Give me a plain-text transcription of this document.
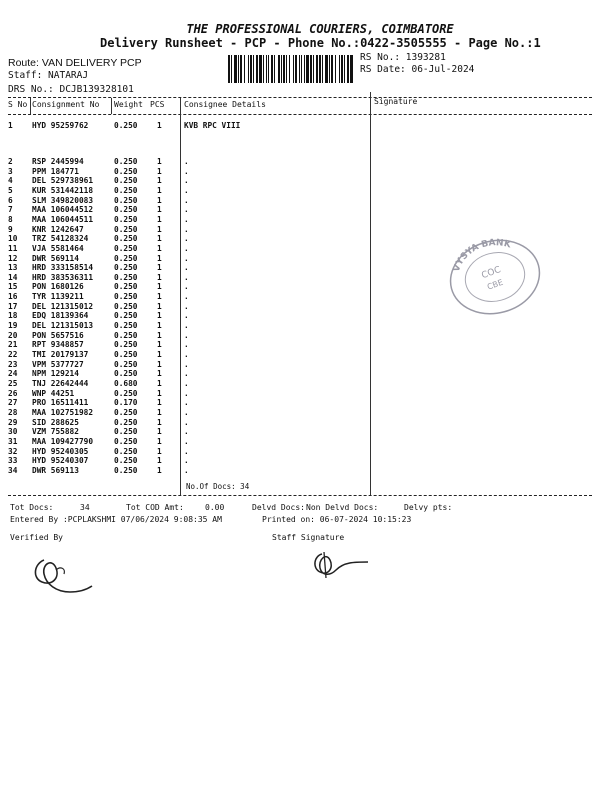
THE PROFESSIONAL COURIERS, COIMBATORE
Delivery Runsheet - PCP - Phone No.:0422-3505555 - Page No.:1
Route: VAN DELIVERY PCP
Staff: NATARAJ
DRS No.: DCJB139328101
RS No.: 1393281
RS Date: 06-Jul-2024
S No Consignment No Weight PCS Consignee Details	Signature
1 HYD 95259762	0.250	1	KVB RPC VIII
2 RSP 2445994	0.250	1	.
3 PPM 184771	0.250	1	.
4 DEL 529738961	0.250	1	.
5 KUR 531442118	0.250	1	.
6 SLM 349820083	0.250	1	.
7 MAA 106044512	0.250	1	.
8 MAA 106044511	0.250	1	.
9 KNR 1242647	0.250	1	.
10 TRZ 54128324	0.250	1	.
11 VJA 5581464	0.250	1	.
12 DWR 569114	0.250	1	.
13 HRD 333158514	0.250	1	.
14 HRD 383536311	0.250	1	.
15 PON 1680126	0.250	1	.
16 TYR 1139211	0.250	1	.
17 DEL 121315012	0.250	1	.
18 EDQ 18139364	0.250	1	.
19 DEL 121315013	0.250	1	.
20 PON 5657516	0.250	1	.
21 RPT 9348857	0.250	1	.
22 TMI 20179137	0.250	1	.
23 VPM 5377727	0.250	1	.
24 NPM 129214	0.250	1	.
25 TNJ 22642444	0.680	1	.
26 WNP 44251	0.250	1	.
27 PRO 16511411	0.170	1	.
28 MAA 102751982	0.250	1	.
29 SID 288625	0.250	1	.
30 VZM 755882	0.250	1	.
31 MAA 109427790	0.250	1	.
32 HYD 95240305	0.250	1	.
33 HYD 95240307	0.250	1	.
34 DWR 569113	0.250	1	.
No.Of Docs: 34
VYSYA BANK
COC
CBE
Tot Docs:	34	Tot COD Amt:	0.00	Delvd Docs: Non Delvd Docs:	Delvy pts:
Entered By :PCPLAKSHMI 07/06/2024 9:08:35 AM	Printed on: 06-07-2024 10:15:23
Verified By	Staff Signature
